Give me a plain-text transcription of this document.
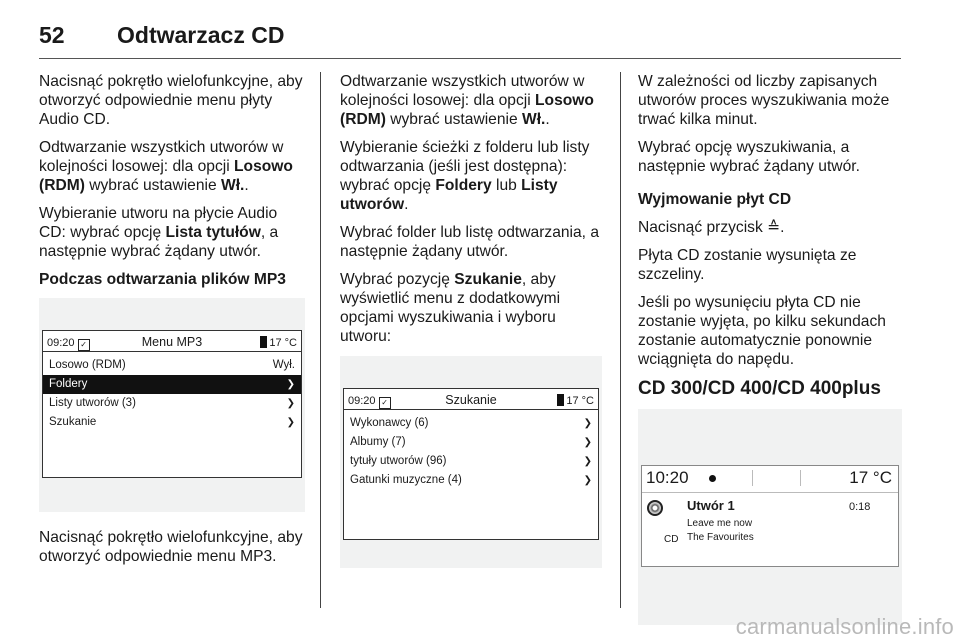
52 Odtwarzacz CD

Nacisnąć pokrętło wielofunkcyjne, aby otworzyć odpowiednie menu płyty Audio CD.

Odtwarzanie wszystkich utworów w kolejności losowej: dla opcji Losowo (RDM) wybrać ustawienie Wł..

Wybieranie utworu na płycie Audio CD: wybrać opcję Lista tytułów, a następnie wybrać żądany utwór.

Podczas odtwarzania plików MP3

09:20 ✓	Menu MP3	17 °C
Losowo (RDM)	Wył.
Foldery	❯
Listy utworów (3)	❯
Szukanie	❯

Nacisnąć pokrętło wielofunkcyjne, aby otworzyć odpowiednie menu MP3.

Odtwarzanie wszystkich utworów w kolejności losowej: dla opcji Losowo (RDM) wybrać ustawienie Wł..

Wybieranie ścieżki z folderu lub listy odtwarzania (jeśli jest dostępna): wybrać opcję Foldery lub Listy utworów.

Wybrać folder lub listę odtwarzania, a następnie żądany utwór.

Wybrać pozycję Szukanie, aby wyświetlić menu z dodatkowymi opcjami wyszukiwania i wyboru utworu:

09:20 ✓	Szukanie	17 °C
Wykonawcy (6)	❯
Albumy (7)	❯
tytuły utworów (96)	❯
Gatunki muzyczne (4)	❯

W zależności od liczby zapisanych utworów proces wyszukiwania może trwać kilka minut.

Wybrać opcję wyszukiwania, a następnie wybrać żądany utwór.

Wyjmowanie płyt CD

Nacisnąć przycisk ≙.

Płyta CD zostanie wysunięta ze szczeliny.

Jeśli po wysunięciu płyta CD nie zostanie wyjęta, po kilku sekundach zostanie automatycznie ponownie wciągnięta do napędu.

CD 300/CD 400/CD 400plus

10:20	17 °C
CD
Utwór 1	0:18
Leave me now
The Favourites
carmanualsonline.info
